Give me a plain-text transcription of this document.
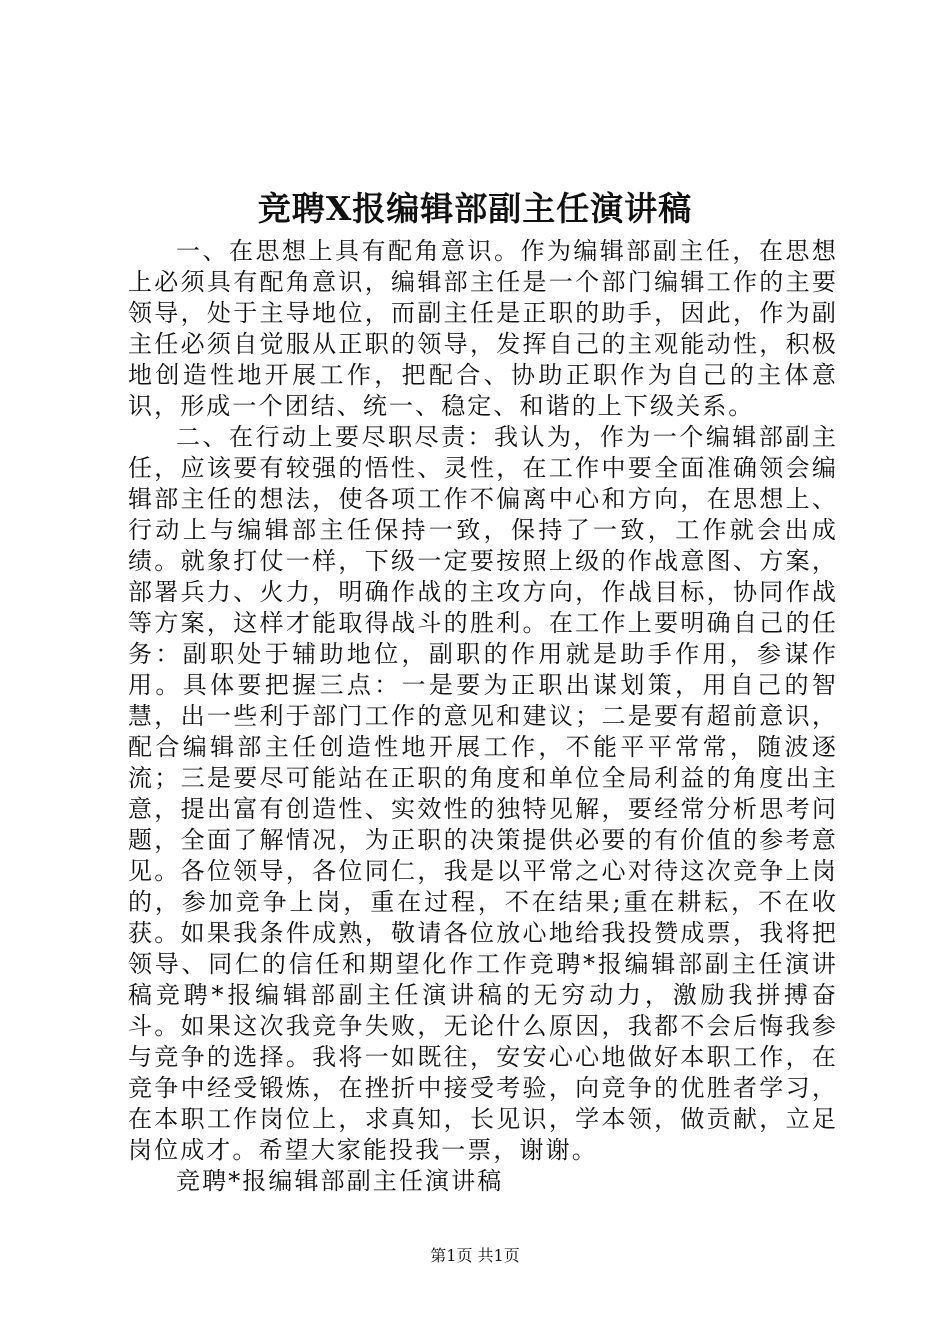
竞聘X报编辑部副主任演讲稿

一、在思想上具有配角意识。作为编辑部副主任，在思想上必须具有配角意识，编辑部主任是一个部门编辑工作的主要领导，处于主导地位，而副主任是正职的助手，因此，作为副主任必须自觉服从正职的领导，发挥自己的主观能动性，积极地创造性地开展工作，把配合、协助正职作为自己的主体意识，形成一个团结、统一、稳定、和谐的上下级关系。

二、在行动上要尽职尽责：我认为，作为一个编辑部副主任，应该要有较强的悟性、灵性，在工作中要全面准确领会编辑部主任的想法，使各项工作不偏离中心和方向，在思想上、行动上与编辑部主任保持一致，保持了一致，工作就会出成绩。就象打仗一样，下级一定要按照上级的作战意图、方案，部署兵力、火力，明确作战的主攻方向，作战目标，协同作战等方案，这样才能取得战斗的胜利。在工作上要明确自己的任务：副职处于辅助地位，副职的作用就是助手作用，参谋作用。具体要把握三点：一是要为正职出谋划策，用自己的智慧，出一些利于部门工作的意见和建议；二是要有超前意识，配合编辑部主任创造性地开展工作，不能平平常常，随波逐流；三是要尽可能站在正职的角度和单位全局利益的角度出主意，提出富有创造性、实效性的独特见解，要经常分析思考问题，全面了解情况，为正职的决策提供必要的有价值的参考意见。各位领导，各位同仁，我是以平常之心对待这次竞争上岗的，参加竞争上岗，重在过程，不在结果;重在耕耘，不在收获。如果我条件成熟，敬请各位放心地给我投赞成票，我将把领导、同仁的信任和期望化作工作竞聘*报编辑部副主任演讲稿竞聘*报编辑部副主任演讲稿的无穷动力，激励我拼搏奋斗。如果这次我竞争失败，无论什么原因，我都不会后悔我参与竞争的选择。我将一如既往，安安心心地做好本职工作，在竞争中经受锻炼，在挫折中接受考验，向竞争的优胜者学习，在本职工作岗位上，求真知，长见识，学本领，做贡献，立足岗位成才。希望大家能投我一票，谢谢。

竞聘*报编辑部副主任演讲稿

第1页 共1页
